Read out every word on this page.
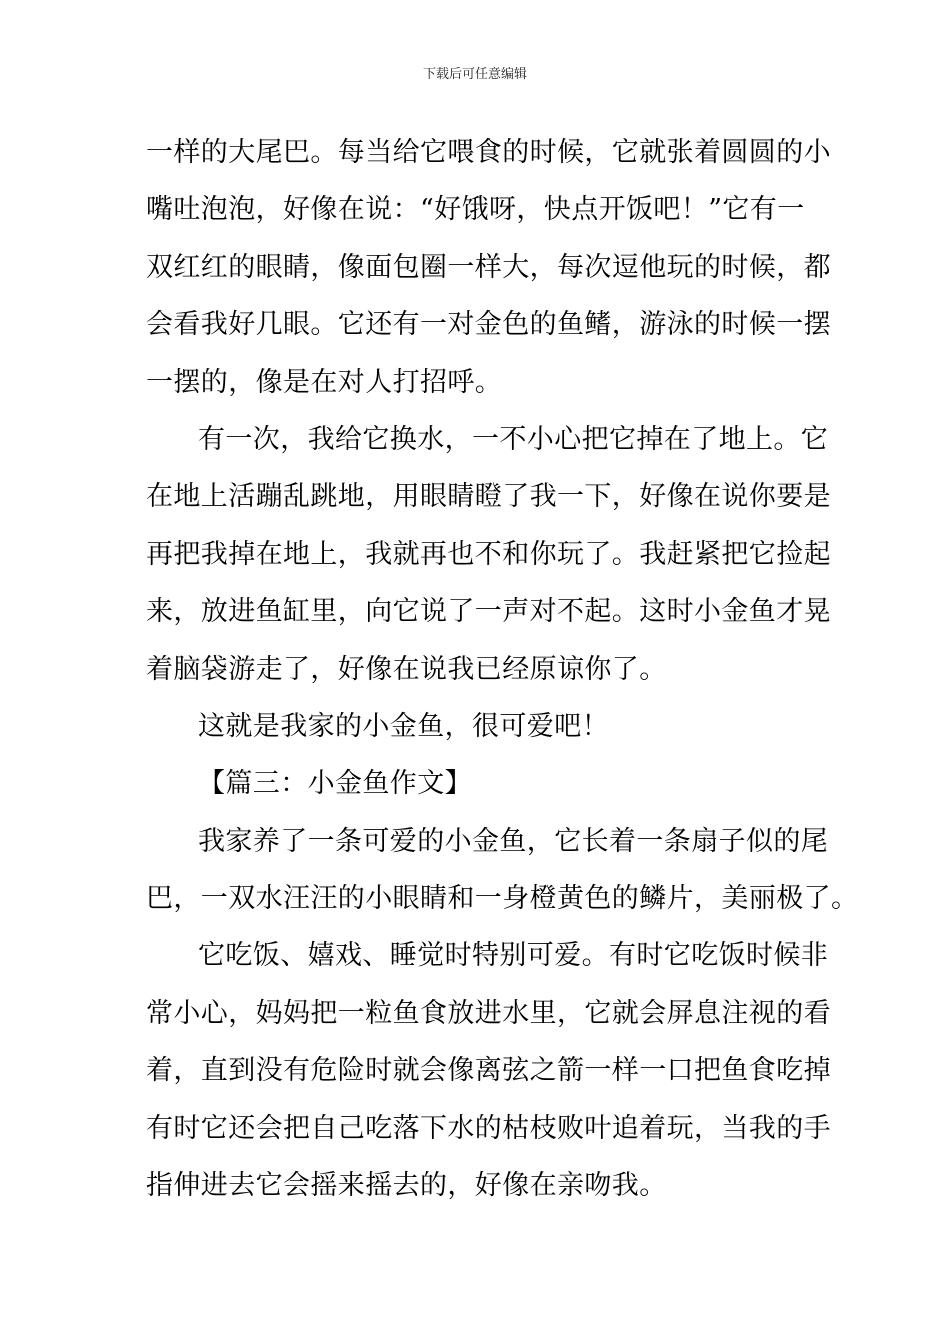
下载后可任意编辑
一样的大尾巴。每当给它喂食的时候，它就张着圆圆的小
嘴吐泡泡，好像在说：“好饿呀，快点开饭吧！”它有一
双红红的眼睛，像面包圈一样大，每次逗他玩的时候，都
会看我好几眼。它还有一对金色的鱼鳍，游泳的时候一摆
一摆的，像是在对人打招呼。
有一次，我给它换水，一不小心把它掉在了地上。它
在地上活蹦乱跳地，用眼睛瞪了我一下，好像在说你要是
再把我掉在地上，我就再也不和你玩了。我赶紧把它捡起
来，放进鱼缸里，向它说了一声对不起。这时小金鱼才晃
着脑袋游走了，好像在说我已经原谅你了。
这就是我家的小金鱼，很可爱吧！
【篇三：小金鱼作文】
我家养了一条可爱的小金鱼，它长着一条扇子似的尾
巴，一双水汪汪的小眼睛和一身橙黄色的鳞片，美丽极了。
它吃饭、嬉戏、睡觉时特别可爱。有时它吃饭时候非
常小心，妈妈把一粒鱼食放进水里，它就会屏息注视的看
着，直到没有危险时就会像离弦之箭一样一口把鱼食吃掉
有时它还会把自己吃落下水的枯枝败叶追着玩，当我的手
指伸进去它会摇来摇去的，好像在亲吻我。
